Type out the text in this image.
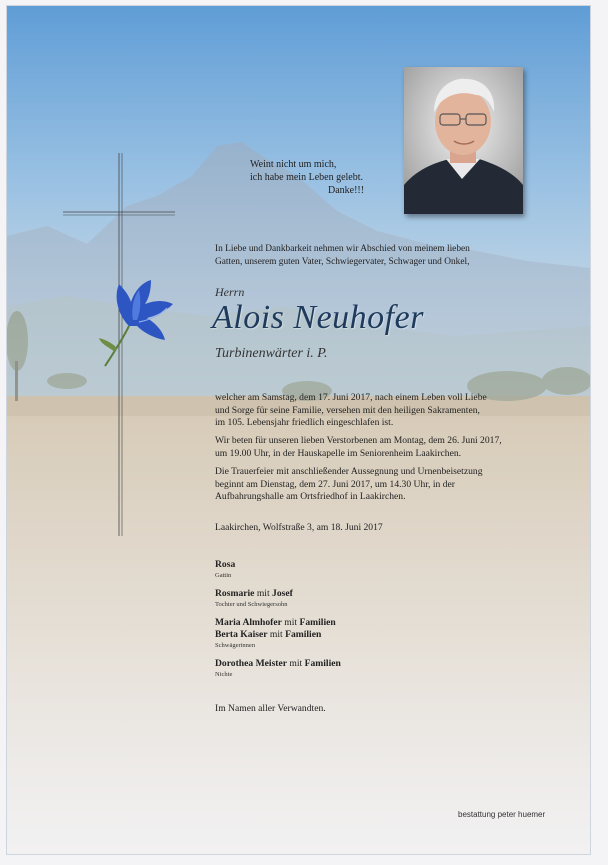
Weint nicht um mich,
ich habe mein Leben gelebt.
Danke!!!
In Liebe und Dankbarkeit nehmen wir Abschied von meinem lieben
Gatten, unserem guten Vater, Schwiegervater, Schwager und Onkel,
Herrn
Alois Neuhofer
Turbinenwärter i. P.
welcher am Samstag, dem 17. Juni 2017, nach einem Leben voll Liebe
und Sorge für seine Familie, versehen mit den heiligen Sakramenten,
im 105. Lebensjahr friedlich eingeschlafen ist.
Wir beten für unseren lieben Verstorbenen am Montag, dem 26. Juni 2017,
um 19.00 Uhr, in der Hauskapelle im Seniorenheim Laakirchen.
Die Trauerfeier mit anschließender Aussegnung und Urnenbeisetzung
beginnt am Dienstag, dem 27. Juni 2017, um 14.30 Uhr, in der
Aufbahrungshalle am Ortsfriedhof in Laakirchen.
Laakirchen, Wolfstraße 3, am 18. Juni 2017
Rosa
Gattin
Rosmarie mit Josef
Tochter und Schwiegersohn
Maria Almhofer mit Familien
Berta Kaiser mit Familien
Schwägerinnen
Dorothea Meister mit Familien
Nichte
Im Namen aller Verwandten.
bestattung peter huemer
